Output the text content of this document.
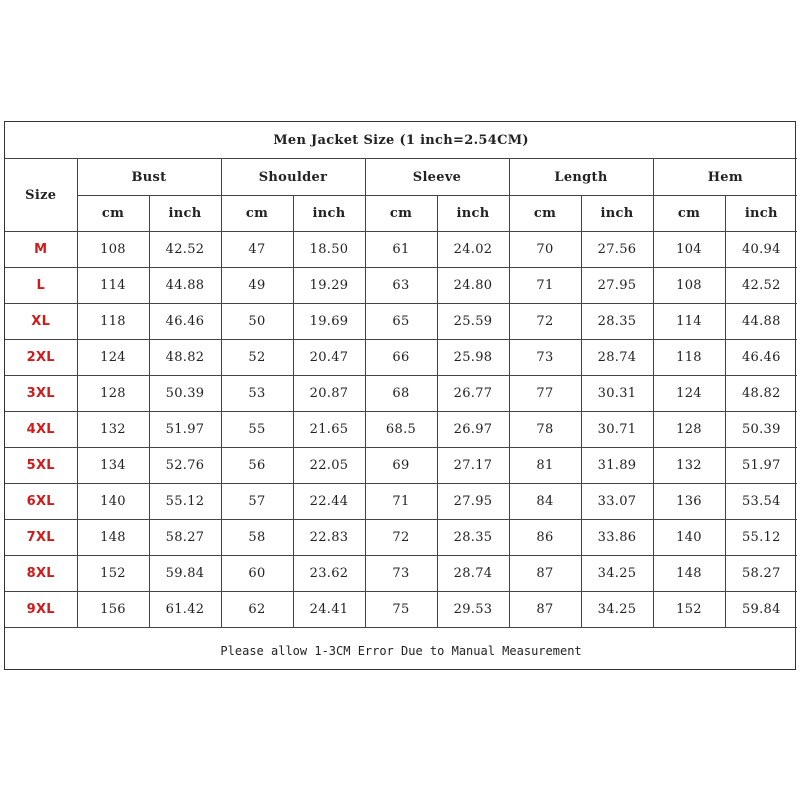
Men Jacket Size (1 inch=2.54CM)										
Size	Bust		Shoulder		Sleeve		Length		Hem	
	cm	inch	cm	inch	cm	inch	cm	inch	cm	inch
M	108	42.52	47	18.50	61	24.02	70	27.56	104	40.94
L	114	44.88	49	19.29	63	24.80	71	27.95	108	42.52
XL	118	46.46	50	19.69	65	25.59	72	28.35	114	44.88
2XL	124	48.82	52	20.47	66	25.98	73	28.74	118	46.46
3XL	128	50.39	53	20.87	68	26.77	77	30.31	124	48.82
4XL	132	51.97	55	21.65	68.5	26.97	78	30.71	128	50.39
5XL	134	52.76	56	22.05	69	27.17	81	31.89	132	51.97
6XL	140	55.12	57	22.44	71	27.95	84	33.07	136	53.54
7XL	148	58.27	58	22.83	72	28.35	86	33.86	140	55.12
8XL	152	59.84	60	23.62	73	28.74	87	34.25	148	58.27
9XL	156	61.42	62	24.41	75	29.53	87	34.25	152	59.84
Please allow 1-3CM Error Due to Manual Measurement										
